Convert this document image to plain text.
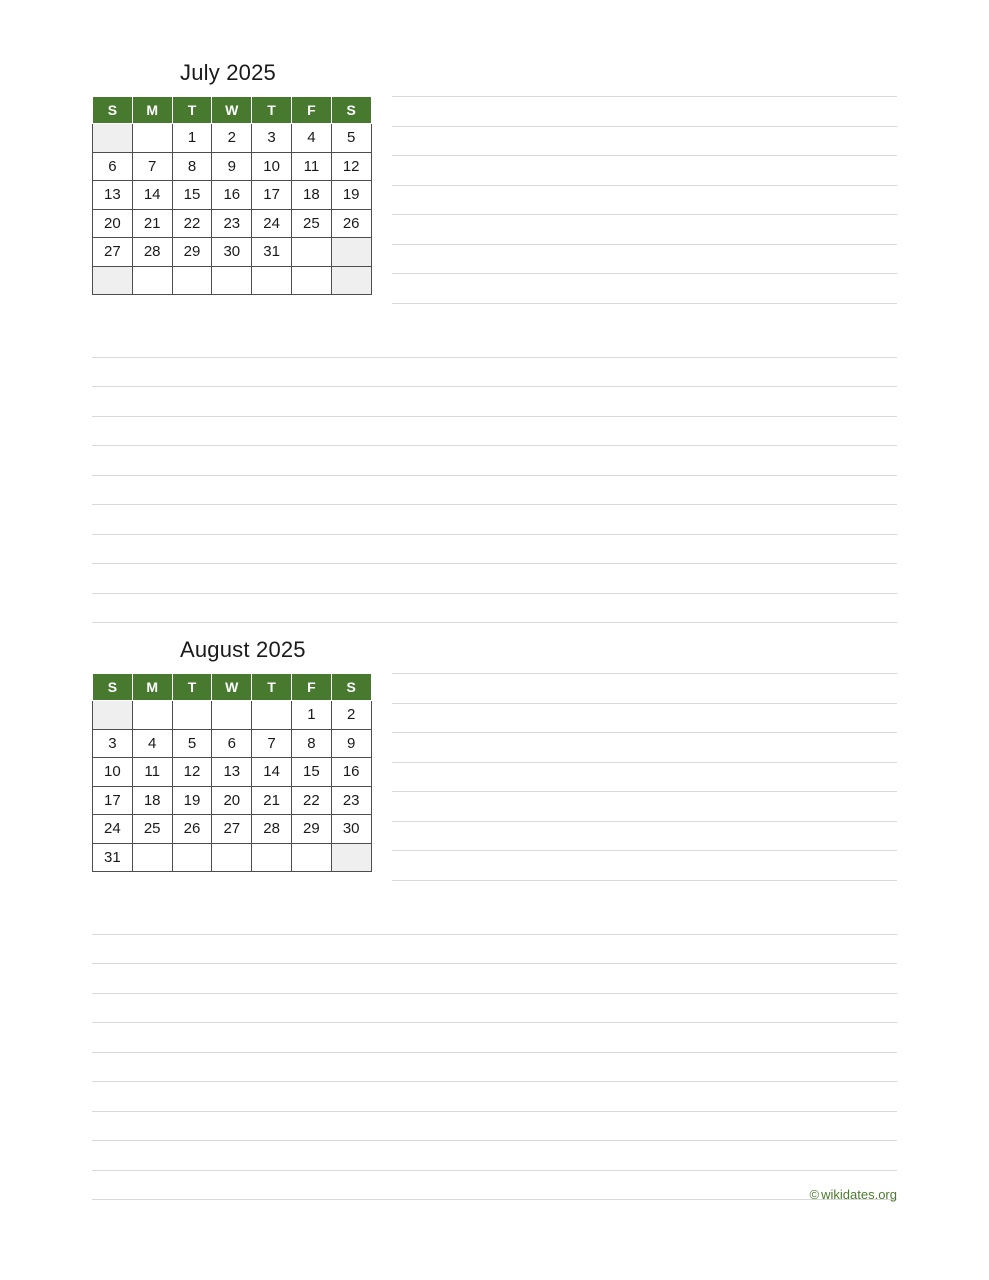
July 2025
S	M	T	W	T	F	S
		1	2	3	4	5
6	7	8	9	10	11	12
13	14	15	16	17	18	19
20	21	22	23	24	25	26
27	28	29	30	31		

August 2025
S	M	T	W	T	F	S
					1	2
3	4	5	6	7	8	9
10	11	12	13	14	15	16
17	18	19	20	21	22	23
24	25	26	27	28	29	30
31						
© wikidates.org
